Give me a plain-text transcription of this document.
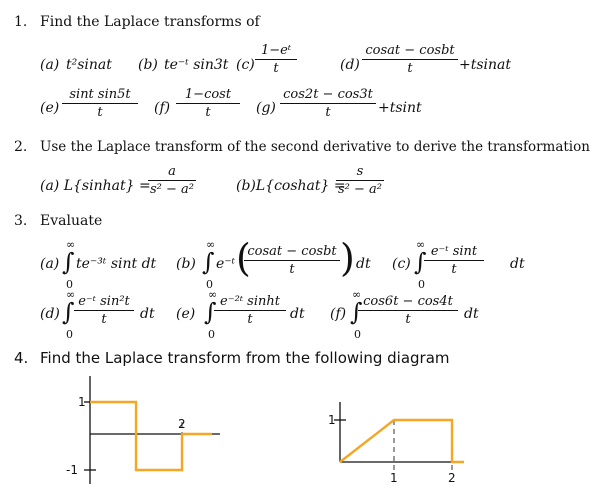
1. Find the Laplace transforms of
(a) t²sinat (b) te⁻ᵗ sin3t (c)
1−eᵗ
t	(d)
cosat − cosbt
t	+tsinat
(e)
sint sin5t
t	(f)
1−cost
t	(g)
cos2t − cos3t
t	+tsint
2. Use the Laplace transform of the second derivative to derive the transformation
(a) L{sinhat} =
a
s² − a²	(b)L{coshat} =
s
s² − a²
3. Evaluate
(a)
∞
∫
0
te⁻³ᵗ sint dt (b)
∞
∫
0
e⁻ᵗ (
cosat − cosbt
t	) dt (c)
∞
∫
0
e⁻ᵗ sint
t	dt
(d)
∞
∫
0
e⁻ᵗ sin²t
t	dt (e)
∞
∫
0
e⁻²ᵗ sinht
t	dt (f)
∞
∫
0
cos6t − cos4t
t	dt
4. Find the Laplace transform from the following diagram
1
-1
2	1
1	2
